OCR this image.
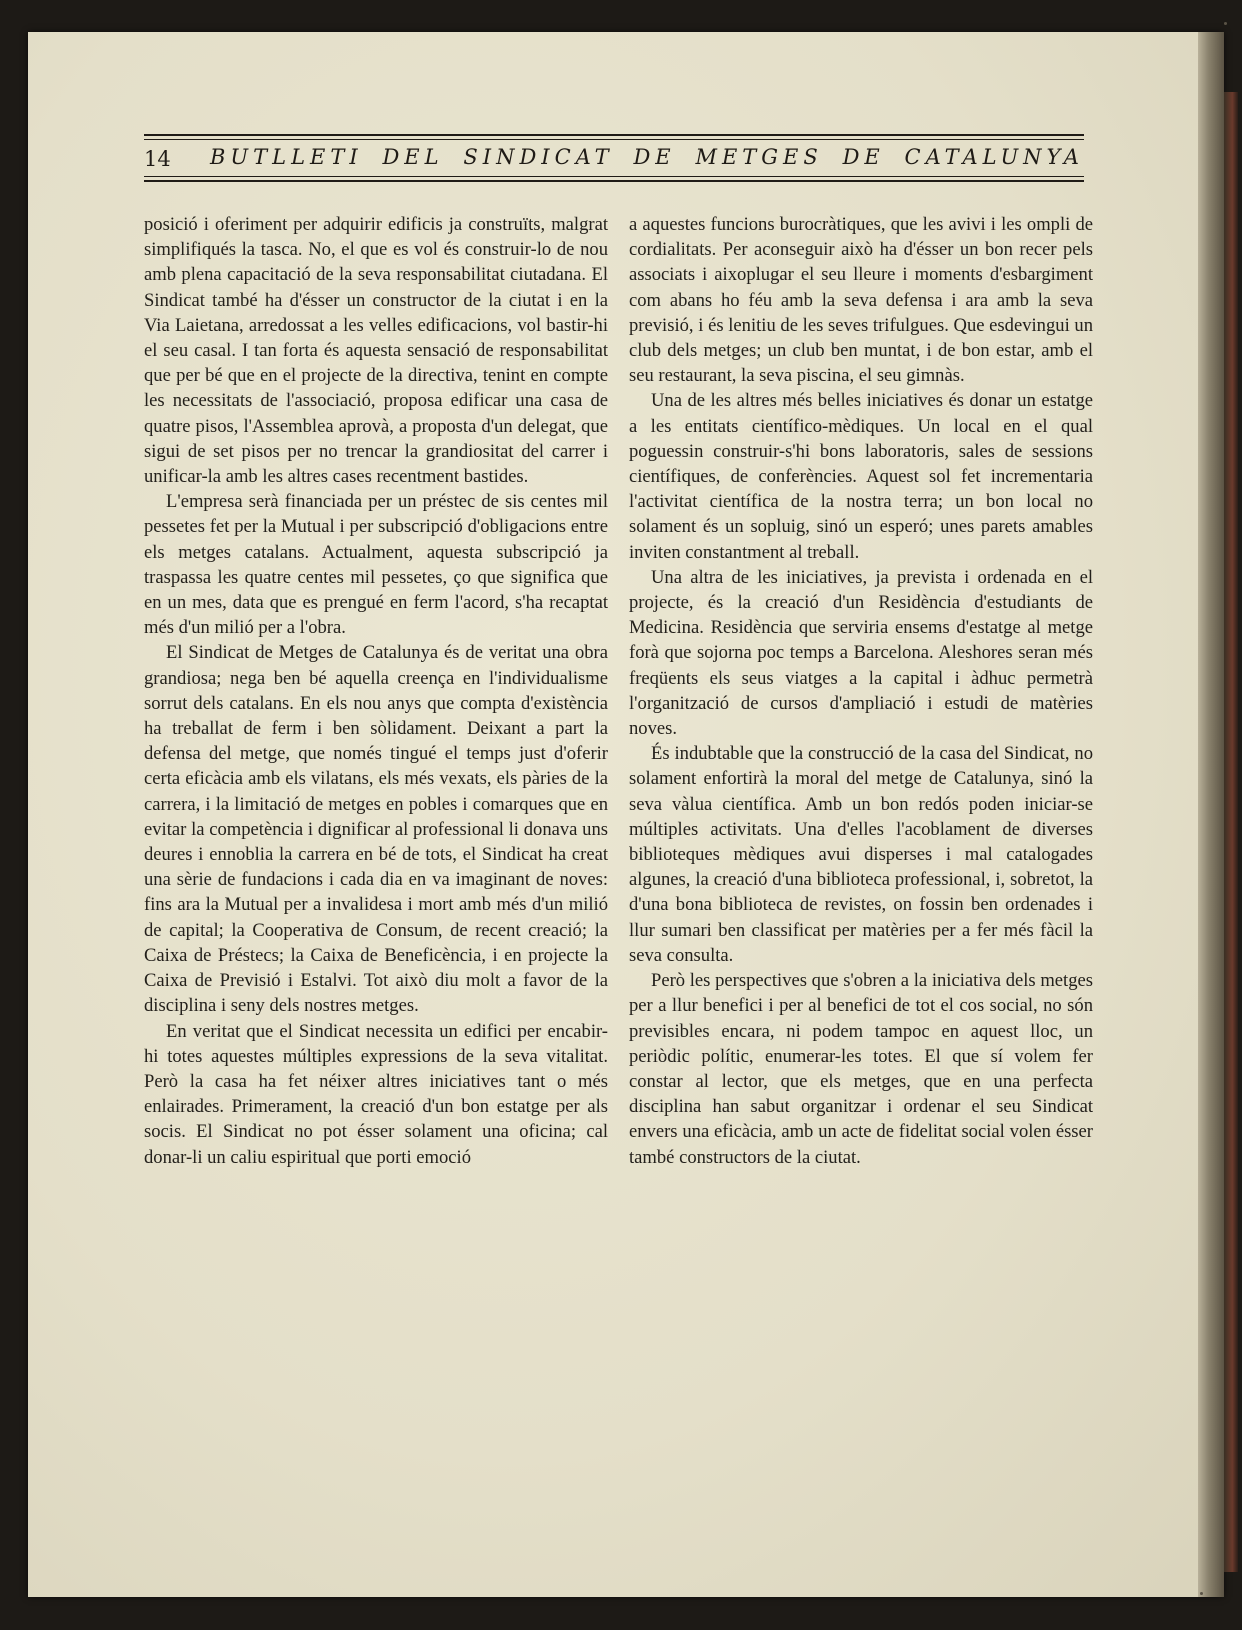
14 BUTLLETI DEL SINDICAT DE METGES DE CATALUNYA

posició i oferiment per adquirir edificis ja construïts, malgrat simplifiqués la tasca. No, el que es vol és construir-lo de nou amb plena capacitació de la seva responsabilitat ciutadana. El Sindicat també ha d'ésser un constructor de la ciutat i en la Via Laietana, arredossat a les velles edificacions, vol bastir-hi el seu casal. I tan forta és aquesta sensació de responsabilitat que per bé que en el projecte de la directiva, tenint en compte les necessitats de l'associació, proposa edificar una casa de quatre pisos, l'Assemblea aprovà, a proposta d'un delegat, que sigui de set pisos per no trencar la grandiositat del carrer i unificar-la amb les altres cases recentment bastides.

L'empresa serà financiada per un préstec de sis centes mil pessetes fet per la Mutual i per subscripció d'obligacions entre els metges catalans. Actualment, aquesta subscripció ja traspassa les quatre centes mil pessetes, ço que significa que en un mes, data que es prengué en ferm l'acord, s'ha recaptat més d'un milió per a l'obra.

El Sindicat de Metges de Catalunya és de veritat una obra grandiosa; nega ben bé aquella creença en l'individualisme sorrut dels catalans. En els nou anys que compta d'existència ha treballat de ferm i ben sòlidament. Deixant a part la defensa del metge, que només tingué el temps just d'oferir certa eficàcia amb els vilatans, els més vexats, els pàries de la carrera, i la limitació de metges en pobles i comarques que en evitar la competència i dignificar al professional li donava uns deures i ennoblia la carrera en bé de tots, el Sindicat ha creat una sèrie de fundacions i cada dia en va imaginant de noves: fins ara la Mutual per a invalidesa i mort amb més d'un milió de capital; la Cooperativa de Consum, de recent creació; la Caixa de Préstecs; la Caixa de Beneficència, i en projecte la Caixa de Previsió i Estalvi. Tot això diu molt a favor de la disciplina i seny dels nostres metges.

En veritat que el Sindicat necessita un edifici per encabir-hi totes aquestes múltiples expressions de la seva vitalitat. Però la casa ha fet néixer altres iniciatives tant o més enlairades. Primerament, la creació d'un bon estatge per als socis. El Sindicat no pot ésser solament una oficina; cal donar-li un caliu espiritual que porti emoció

a aquestes funcions burocràtiques, que les avivi i les ompli de cordialitats. Per aconseguir això ha d'ésser un bon recer pels associats i aixoplugar el seu lleure i moments d'esbargiment com abans ho féu amb la seva defensa i ara amb la seva previsió, i és lenitiu de les seves trifulgues. Que esdevingui un club dels metges; un club ben muntat, i de bon estar, amb el seu restaurant, la seva piscina, el seu gimnàs.

Una de les altres més belles iniciatives és donar un estatge a les entitats científico-mèdiques. Un local en el qual poguessin construir-s'hi bons laboratoris, sales de sessions científiques, de conferències. Aquest sol fet incrementaria l'activitat científica de la nostra terra; un bon local no solament és un sopluig, sinó un esperó; unes parets amables inviten constantment al treball.

Una altra de les iniciatives, ja prevista i ordenada en el projecte, és la creació d'un Residència d'estudiants de Medicina. Residència que serviria ensems d'estatge al metge forà que sojorna poc temps a Barcelona. Aleshores seran més freqüents els seus viatges a la capital i àdhuc permetrà l'organització de cursos d'ampliació i estudi de matèries noves.

És indubtable que la construcció de la casa del Sindicat, no solament enfortirà la moral del metge de Catalunya, sinó la seva vàlua científica. Amb un bon redós poden iniciar-se múltiples activitats. Una d'elles l'acoblament de diverses biblioteques mèdiques avui disperses i mal catalogades algunes, la creació d'una biblioteca professional, i, sobretot, la d'una bona biblioteca de revistes, on fossin ben ordenades i llur sumari ben classificat per matèries per a fer més fàcil la seva consulta.

Però les perspectives que s'obren a la iniciativa dels metges per a llur benefici i per al benefici de tot el cos social, no són previsibles encara, ni podem tampoc en aquest lloc, un periòdic polític, enumerar-les totes. El que sí volem fer constar al lector, que els metges, que en una perfecta disciplina han sabut organitzar i ordenar el seu Sindicat envers una eficàcia, amb un acte de fidelitat social volen ésser també constructors de la ciutat.
